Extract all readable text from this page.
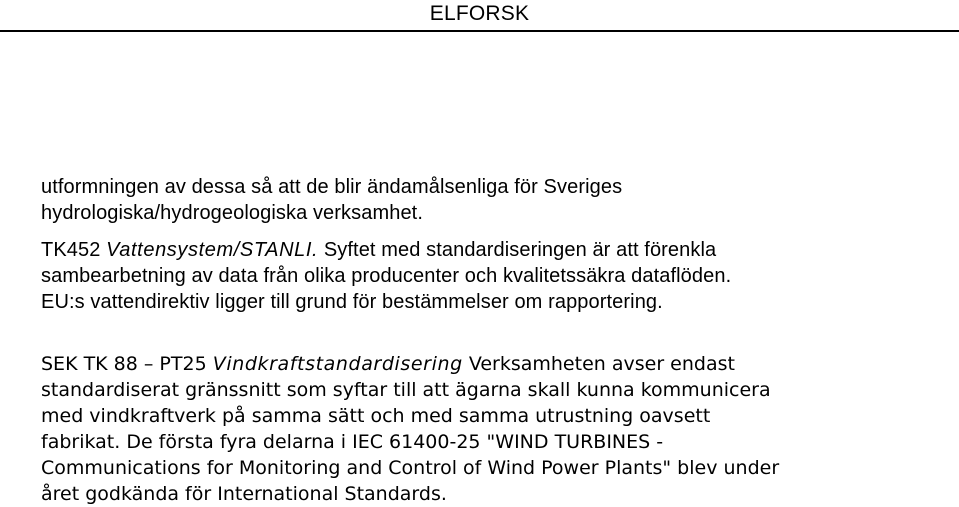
ELFORSK
utformningen av dessa så att de blir ändamålsenliga för Sveriges
hydrologiska/hydrogeologiska verksamhet.
TK452 Vattensystem/STANLI. Syftet med standardiseringen är att förenkla
sambearbetning av data från olika producenter och kvalitetssäkra dataflöden.
EU:s vattendirektiv ligger till grund för bestämmelser om rapportering.
SEK TK 88 – PT25 Vindkraftstandardisering Verksamheten avser endast
standardiserat gränssnitt som syftar till att ägarna skall kunna kommunicera
med vindkraftverk på samma sätt och med samma utrustning oavsett
fabrikat. De första fyra delarna i IEC 61400-25 "WIND TURBINES -
Communications for Monitoring and Control of Wind Power Plants" blev under
året godkända för International Standards.
